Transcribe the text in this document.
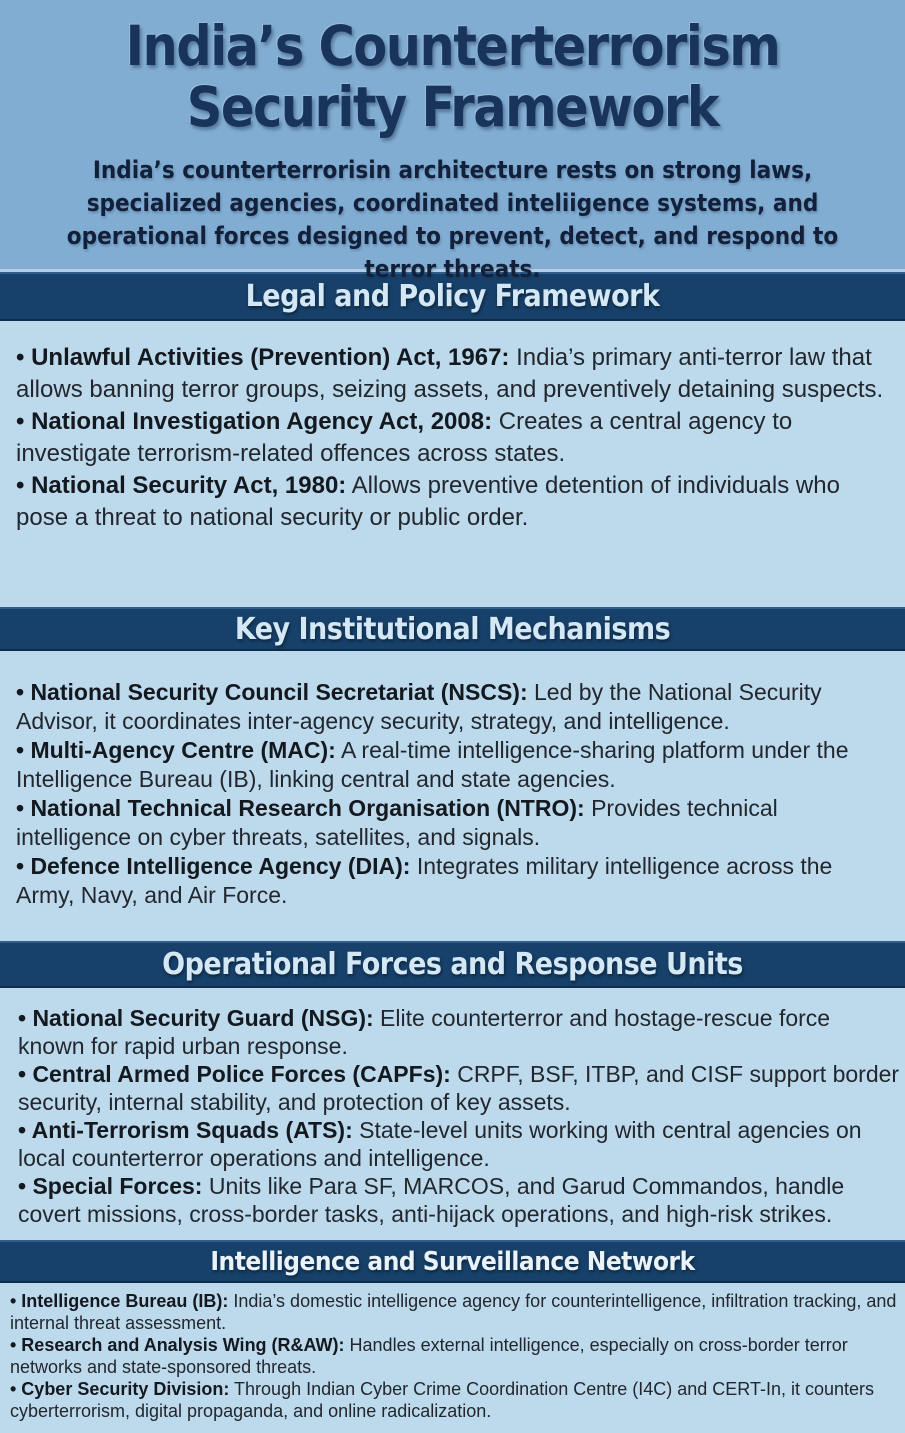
India’s Counterterrorism
Security Framework

India’s counterterrorisin architecture rests on strong laws, specialized agencies, coordinated inteliigence systems, and operational forces designed to prevent, detect, and respond to terror threats.

Legal and Policy Framework

• Unlawful Activities (Prevention) Act, 1967: India’s primary anti-terror law that allows banning terror groups, seizing assets, and preventively detaining suspects.

• National Investigation Agency Act, 2008: Creates a central agency to investigate terrorism-related offences across states.

• National Security Act, 1980: Allows preventive detention of individuals who pose a threat to national security or public order.

Key Institutional Mechanisms

• National Security Council Secretariat (NSCS): Led by the National Security Advisor, it coordinates inter-agency security, strategy, and intelligence.

• Multi-Agency Centre (MAC): A real-time intelligence-sharing platform under the Intelligence Bureau (IB), linking central and state agencies.

• National Technical Research Organisation (NTRO): Provides technical intelligence on cyber threats, satellites, and signals.

• Defence Intelligence Agency (DIA): Integrates military intelligence across the Army, Navy, and Air Force.

Operational Forces and Response Units

• National Security Guard (NSG): Elite counterterror and hostage-rescue force known for rapid urban response.

• Central Armed Police Forces (CAPFs): CRPF, BSF, ITBP, and CISF support border security, internal stability, and protection of key assets.

• Anti-Terrorism Squads (ATS): State-level units working with central agencies on local counterterror operations and intelligence.

• Special Forces: Units like Para SF, MARCOS, and Garud Commandos, handle covert missions, cross-border tasks, anti-hijack operations, and high-risk strikes.

Intelligence and Surveillance Network

• Intelligence Bureau (IB): India’s domestic intelligence agency for counterintelligence, infiltration tracking, and internal threat assessment.

• Research and Analysis Wing (R&AW): Handles external intelligence, especially on cross-border terror networks and state-sponsored threats.

• Cyber Security Division: Through Indian Cyber Crime Coordination Centre (I4C) and CERT-In, it counters cyberterrorism, digital propaganda, and online radicalization.
